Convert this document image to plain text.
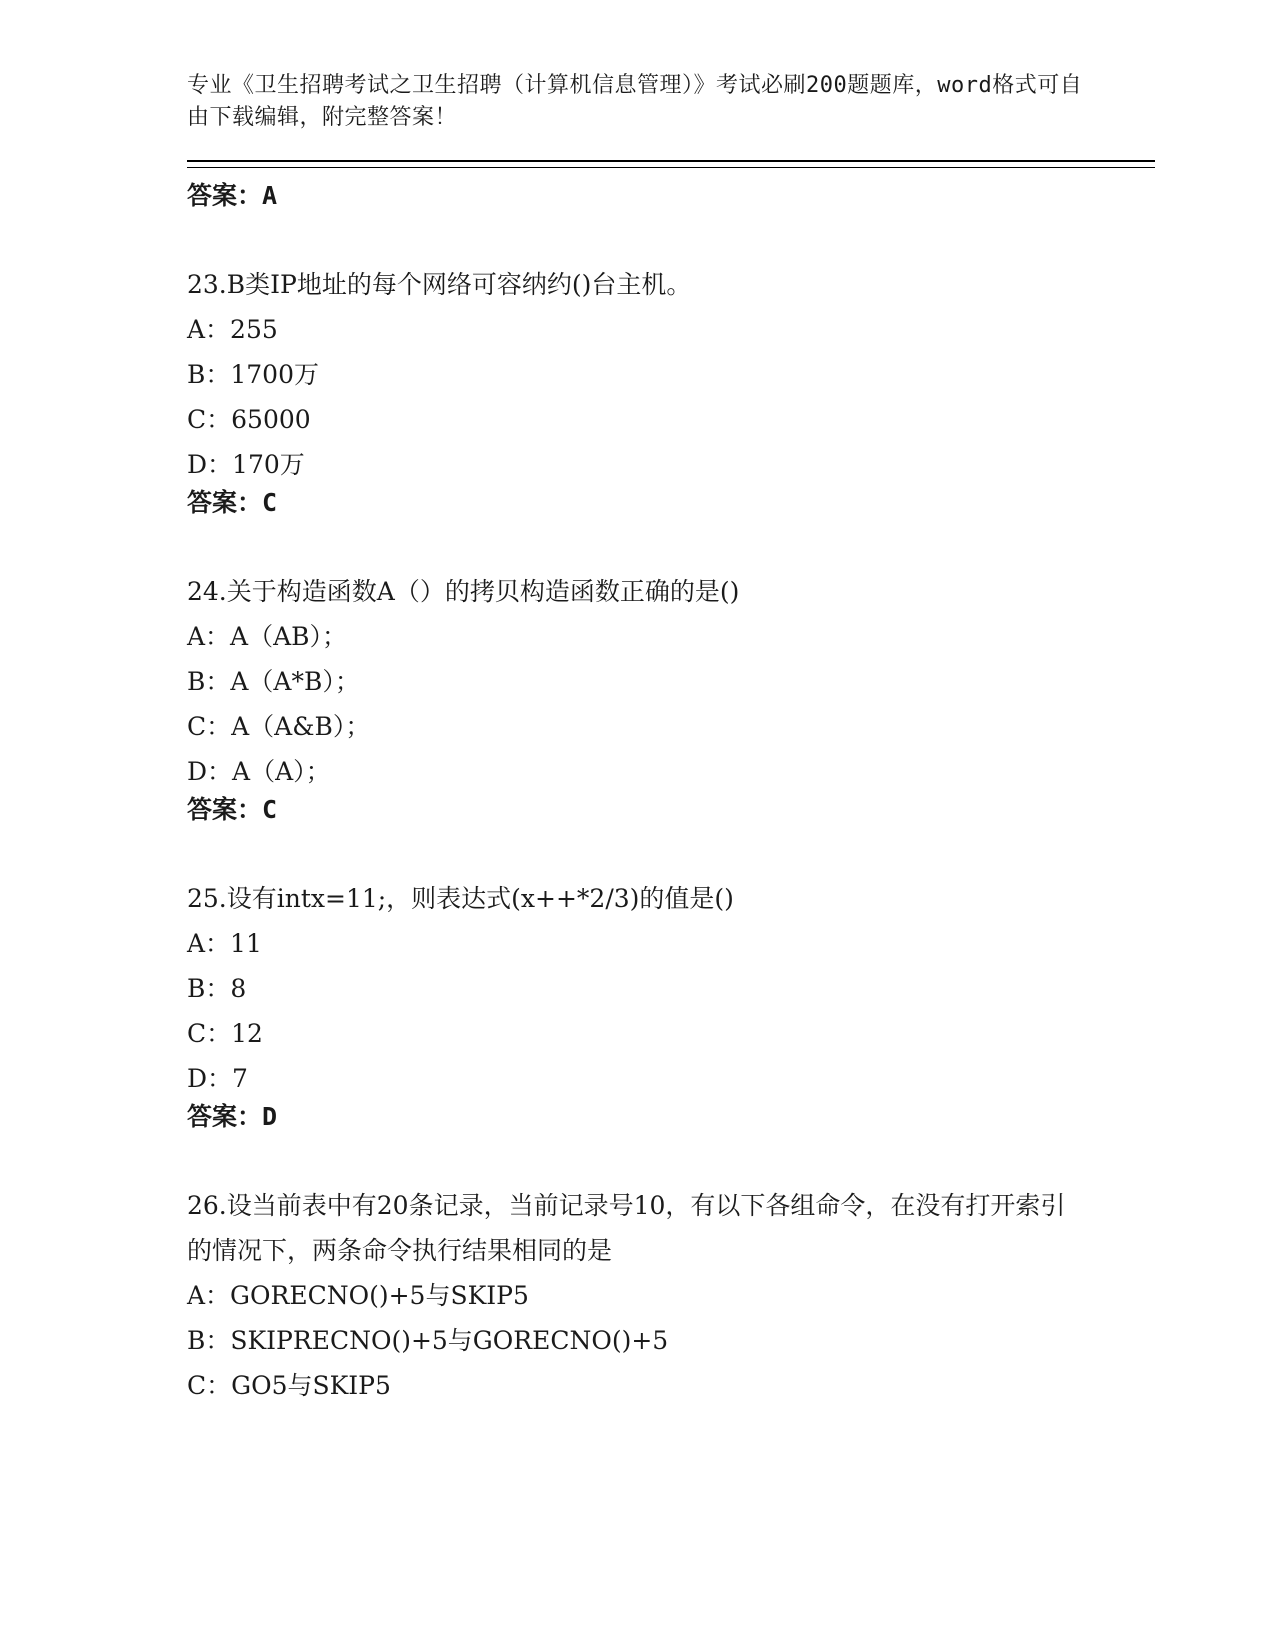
专业《卫生招聘考试之卫生招聘（计算机信息管理）》考试必刷200题题库，word格式可自由下载编辑，附完整答案！

答案：A

23.B类IP地址的每个网络可容纳约()台主机。

A：255
B：1700万
C：65000
D：170万

答案：C

24.关于构造函数A（）的拷贝构造函数正确的是()

A：A（AB）；
B：A（A*B）；
C：A（A&B）；
D：A（A）；

答案：C

25.设有intx=11;，则表达式(x++*2/3)的值是()

A：11
B：8
C：12
D：7

答案：D

26.设当前表中有20条记录，当前记录号10，有以下各组命令，在没有打开索引的情况下，两条命令执行结果相同的是

A：GORECNO()+5与SKIP5
B：SKIPRECNO()+5与GORECNO()+5
C：GO5与SKIP5
